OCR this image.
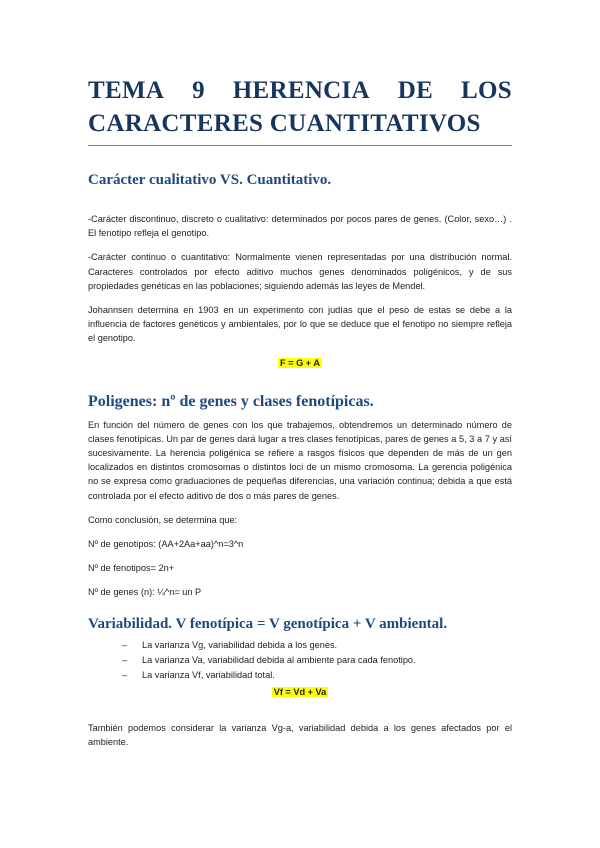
TEMA 9 HERENCIA DE LOS
CARACTERES CUANTITATIVOS
Carácter cualitativo VS. Cuantitativo.

-Carácter discontinuo, discreto o cualitativo: determinados por pocos pares de genes. (Color, sexo…) . El fenotipo refleja el genotipo.

-Carácter continuo o cuantitativo: Normalmente vienen representadas por una distribución normal. Caracteres controlados por efecto aditivo muchos genes denominados poligénicos, y de sus propiedades genéticas en las poblaciones; siguiendo además las leyes de Mendel.

Johannsen determina en 1903 en un experimento con judías que el peso de estas se debe a la influencia de factores genéticos y ambientales, por lo que se deduce que el fenotipo no siempre refleja el genotipo.

F = G + A
Poligenes: nº de genes y clases fenotípicas.

En función del número de genes con los que trabajemos, obtendremos un determinado número de clases fenotípicas. Un par de genes dará lugar a tres clases fenotípicas, pares de genes a 5, 3 a 7 y así sucesivamente. La herencia poligénica se refiere a rasgos físicos que dependen de más de un gen localizados en distintos cromosomas o distintos loci de un mismo cromosoma. La gerencia poligénica no se expresa como graduaciones de pequeñas diferencias, una variación continua; debida a que está controlada por el efecto aditivo de dos o más pares de genes.

Como conclusión, se determina que:

Nº de genotipos: (AA+2Aa+aa)^n=3^n

Nº de fenotipos= 2n+

Nº de genes (n): ¼^n= un P

Variabilidad. V fenotípica = V genotípica + V ambiental.
– La varianza Vg, variabilidad debida a los genes.
– La varianza Va, variabilidad debida al ambiente para cada fenotipo.
– La varianza Vf, variabilidad total.
Vf = Vd + Va

También podemos considerar la varianza Vg-a, variabilidad debida a los genes afectados por el ambiente.
